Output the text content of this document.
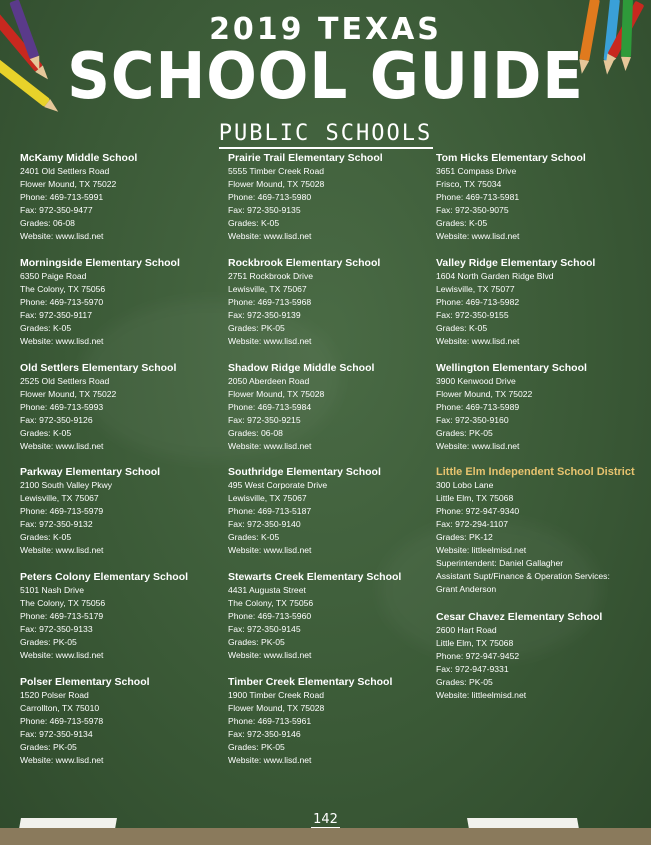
2019 TEXAS
SCHOOL GUIDE
PUBLIC SCHOOLS
McKamy Middle School
2401 Old Settlers Road
Flower Mound, TX 75022
Phone: 469-713-5991
Fax: 972-350-9477
Grades: 06-08
Website: www.lisd.net
Morningside Elementary School
6350 Paige Road
The Colony, TX 75056
Phone: 469-713-5970
Fax: 972-350-9117
Grades: K-05
Website: www.lisd.net
Old Settlers Elementary School
2525 Old Settlers Road
Flower Mound, TX 75022
Phone: 469-713-5993
Fax: 972-350-9126
Grades: K-05
Website: www.lisd.net
Parkway Elementary School
2100 South Valley Pkwy
Lewisville, TX 75067
Phone: 469-713-5979
Fax: 972-350-9132
Grades: K-05
Website: www.lisd.net
Peters Colony Elementary School
5101 Nash Drive
The Colony, TX 75056
Phone: 469-713-5179
Fax: 972-350-9133
Grades: PK-05
Website: www.lisd.net
Polser Elementary School
1520 Polser Road
Carrollton, TX 75010
Phone: 469-713-5978
Fax: 972-350-9134
Grades: PK-05
Website: www.lisd.net
Prairie Trail Elementary School
5555 Timber Creek Road
Flower Mound, TX 75028
Phone: 469-713-5980
Fax: 972-350-9135
Grades: K-05
Website: www.lisd.net
Rockbrook Elementary School
2751 Rockbrook Drive
Lewisville, TX 75067
Phone: 469-713-5968
Fax: 972-350-9139
Grades: PK-05
Website: www.lisd.net
Shadow Ridge Middle School
2050 Aberdeen Road
Flower Mound, TX 75028
Phone: 469-713-5984
Fax: 972-350-9215
Grades: 06-08
Website: www.lisd.net
Southridge Elementary School
495 West Corporate Drive
Lewisville, TX 75067
Phone: 469-713-5187
Fax: 972-350-9140
Grades: K-05
Website: www.lisd.net
Stewarts Creek Elementary School
4431 Augusta Street
The Colony, TX 75056
Phone: 469-713-5960
Fax: 972-350-9145
Grades: PK-05
Website: www.lisd.net
Timber Creek Elementary School
1900 Timber Creek Road
Flower Mound, TX 75028
Phone: 469-713-5961
Fax: 972-350-9146
Grades: PK-05
Website: www.lisd.net
Tom Hicks Elementary School
3651 Compass Drive
Frisco, TX 75034
Phone: 469-713-5981
Fax: 972-350-9075
Grades: K-05
Website: www.lisd.net
Valley Ridge Elementary School
1604 North Garden Ridge Blvd
Lewisville, TX 75077
Phone: 469-713-5982
Fax: 972-350-9155
Grades: K-05
Website: www.lisd.net
Wellington Elementary School
3900 Kenwood Drive
Flower Mound, TX 75022
Phone: 469-713-5989
Fax: 972-350-9160
Grades: PK-05
Website: www.lisd.net
Little Elm Independent School District
300 Lobo Lane
Little Elm, TX 75068
Phone: 972-947-9340
Fax: 972-294-1107
Grades: PK-12
Website: littleelmisd.net
Superintendent: Daniel Gallagher
Assistant Supt/Finance & Operation Services:
Grant Anderson
Cesar Chavez Elementary School
2600 Hart Road
Little Elm, TX 75068
Phone: 972-947-9452
Fax: 972-947-9331
Grades: PK-05
Website: littleelmisd.net
142
